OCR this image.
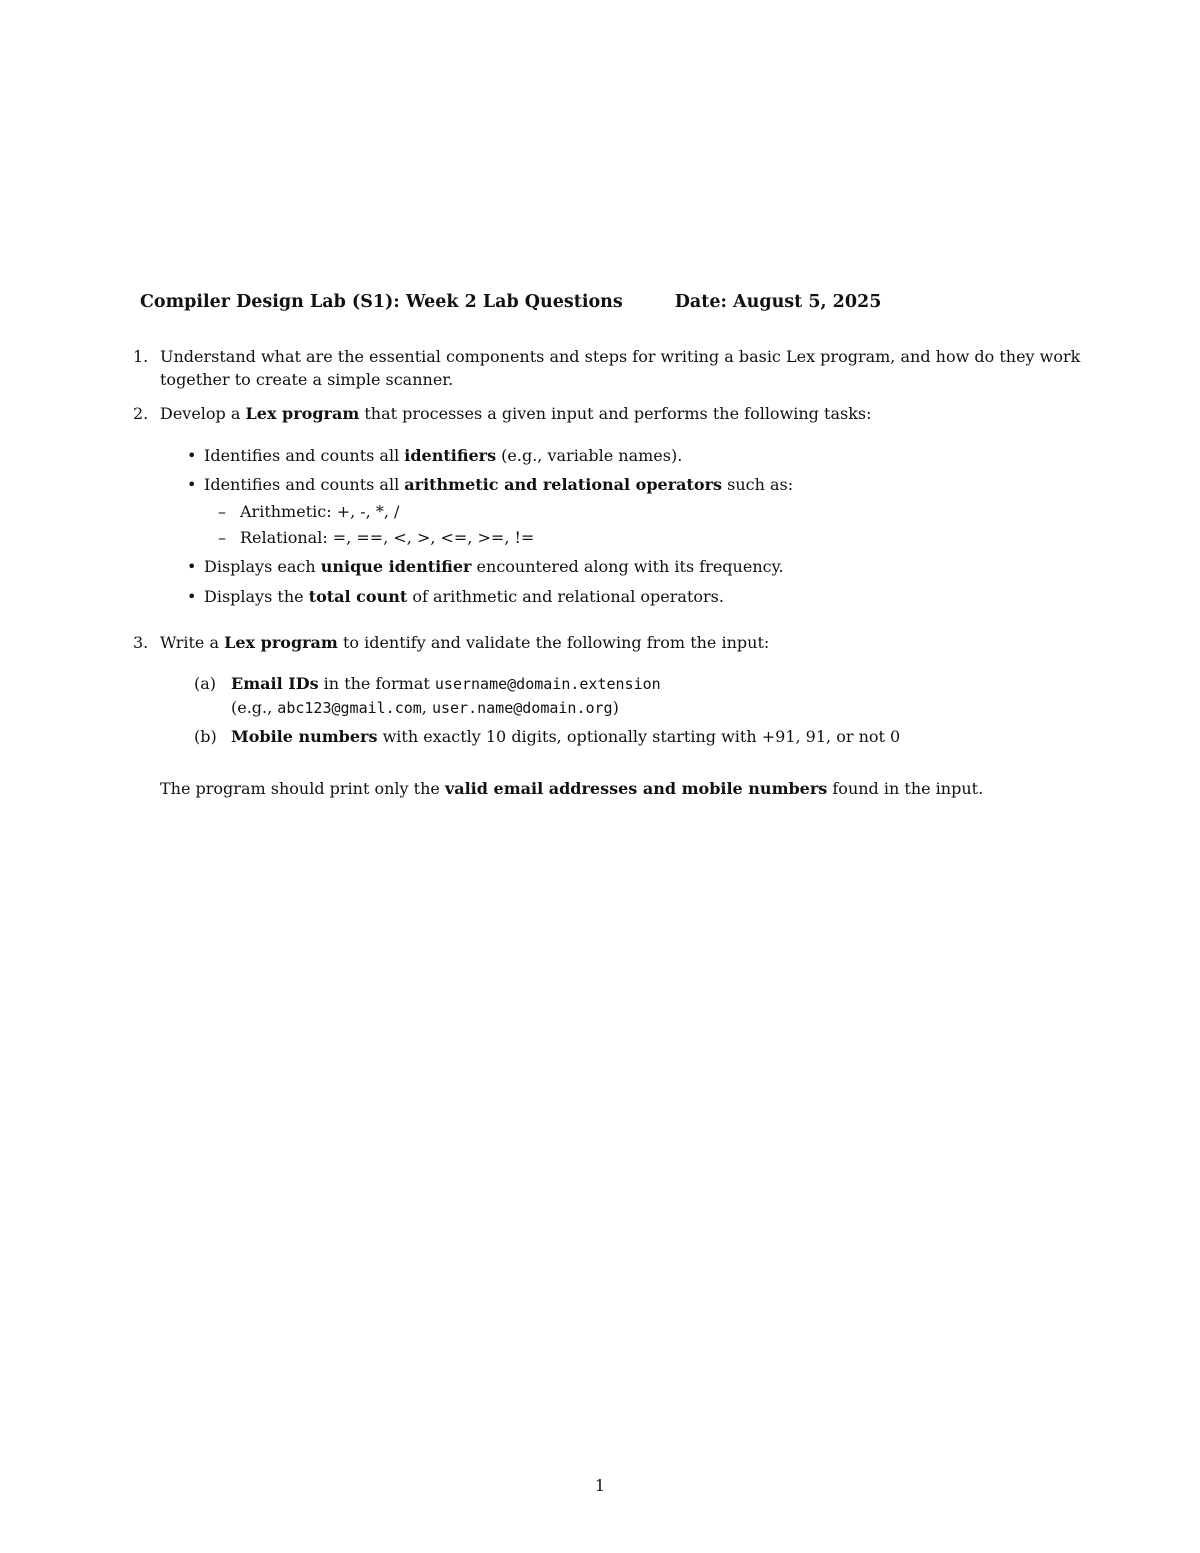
Compiler Design Lab (S1): Week 2 Lab Questions	Date: August 5, 2025
1. Understand what are the essential components and steps for writing a basic Lex program, and how do they work together to create a simple scanner.
2. Develop a Lex program that processes a given input and performs the following tasks:
• Identifies and counts all identifiers (e.g., variable names).
• Identifies and counts all arithmetic and relational operators such as:
– Arithmetic: +, -, *, /
– Relational: =, ==, <, >, <=, >=, !=
• Displays each unique identifier encountered along with its frequency.
• Displays the total count of arithmetic and relational operators.
3. Write a Lex program to identify and validate the following from the input:
(a) Email IDs in the format username@domain.extension
(e.g., abc123@gmail.com, user.name@domain.org)
(b) Mobile numbers with exactly 10 digits, optionally starting with +91, 91, or not 0
The program should print only the valid email addresses and mobile numbers found in the input.
1
